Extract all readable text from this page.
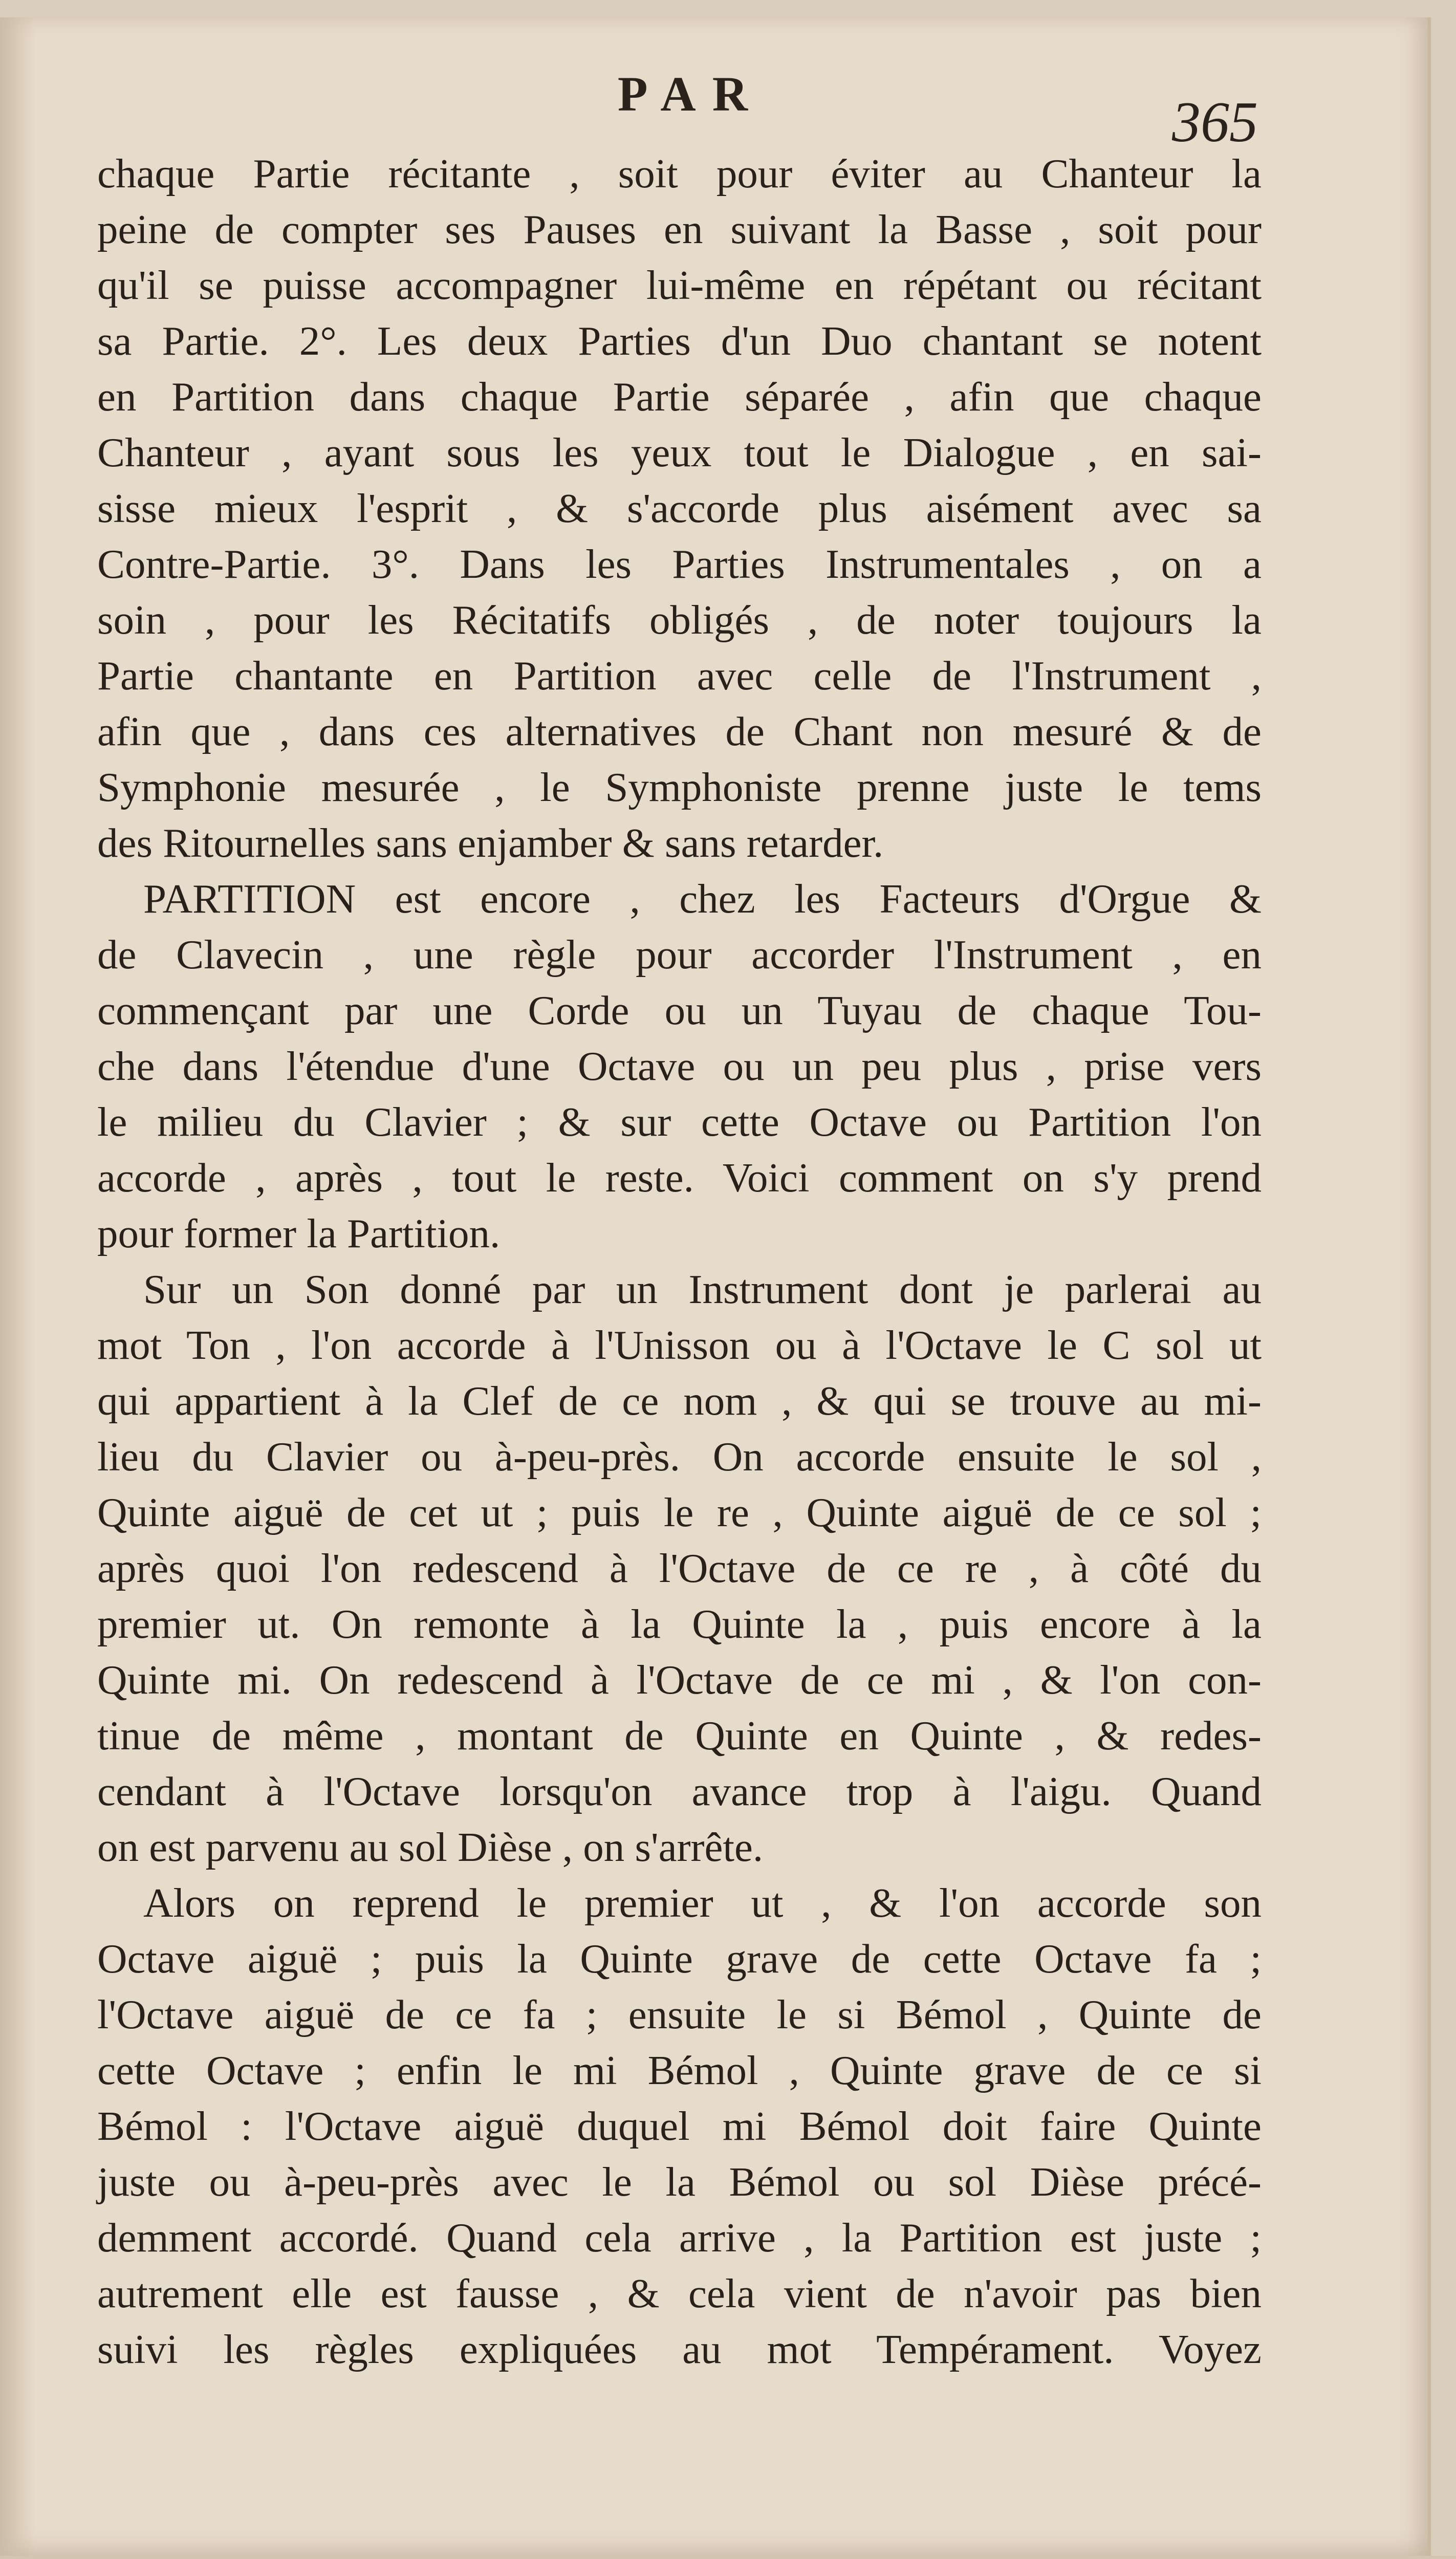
PAR	365
chaque Partie récitante , soit pour éviter au Chanteur la
peine de compter ses Pauses en suivant la Basse , soit pour
qu'il se puisse accompagner lui-même en répétant ou récitant
sa Partie. 2°. Les deux Parties d'un Duo chantant se notent
en Partition dans chaque Partie séparée , afin que chaque
Chanteur , ayant sous les yeux tout le Dialogue , en sai-
sisse mieux l'esprit , & s'accorde plus aisément avec sa
Contre-Partie. 3°. Dans les Parties Instrumentales , on a
soin , pour les Récitatifs obligés , de noter toujours la
Partie chantante en Partition avec celle de l'Instrument ,
afin que , dans ces alternatives de Chant non mesuré & de
Symphonie mesurée , le Symphoniste prenne juste le tems
des Ritournelles sans enjamber & sans retarder.
PARTITION est encore , chez les Facteurs d'Orgue &
de Clavecin , une règle pour accorder l'Instrument , en
commençant par une Corde ou un Tuyau de chaque Tou-
che dans l'étendue d'une Octave ou un peu plus , prise vers
le milieu du Clavier ; & sur cette Octave ou Partition l'on
accorde , après , tout le reste. Voici comment on s'y prend
pour former la Partition.
Sur un Son donné par un Instrument dont je parlerai au
mot Ton , l'on accorde à l'Unisson ou à l'Octave le C sol ut
qui appartient à la Clef de ce nom , & qui se trouve au mi-
lieu du Clavier ou à-peu-près. On accorde ensuite le sol ,
Quinte aiguë de cet ut ; puis le re , Quinte aiguë de ce sol ;
après quoi l'on redescend à l'Octave de ce re , à côté du
premier ut. On remonte à la Quinte la , puis encore à la
Quinte mi. On redescend à l'Octave de ce mi , & l'on con-
tinue de même , montant de Quinte en Quinte , & redes-
cendant à l'Octave lorsqu'on avance trop à l'aigu. Quand
on est parvenu au sol Dièse , on s'arrête.
Alors on reprend le premier ut , & l'on accorde son
Octave aiguë ; puis la Quinte grave de cette Octave fa ;
l'Octave aiguë de ce fa ; ensuite le si Bémol , Quinte de
cette Octave ; enfin le mi Bémol , Quinte grave de ce si
Bémol : l'Octave aiguë duquel mi Bémol doit faire Quinte
juste ou à-peu-près avec le la Bémol ou sol Dièse précé-
demment accordé. Quand cela arrive , la Partition est juste ;
autrement elle est fausse , & cela vient de n'avoir pas bien
suivi les règles expliquées au mot Tempérament. Voyez
